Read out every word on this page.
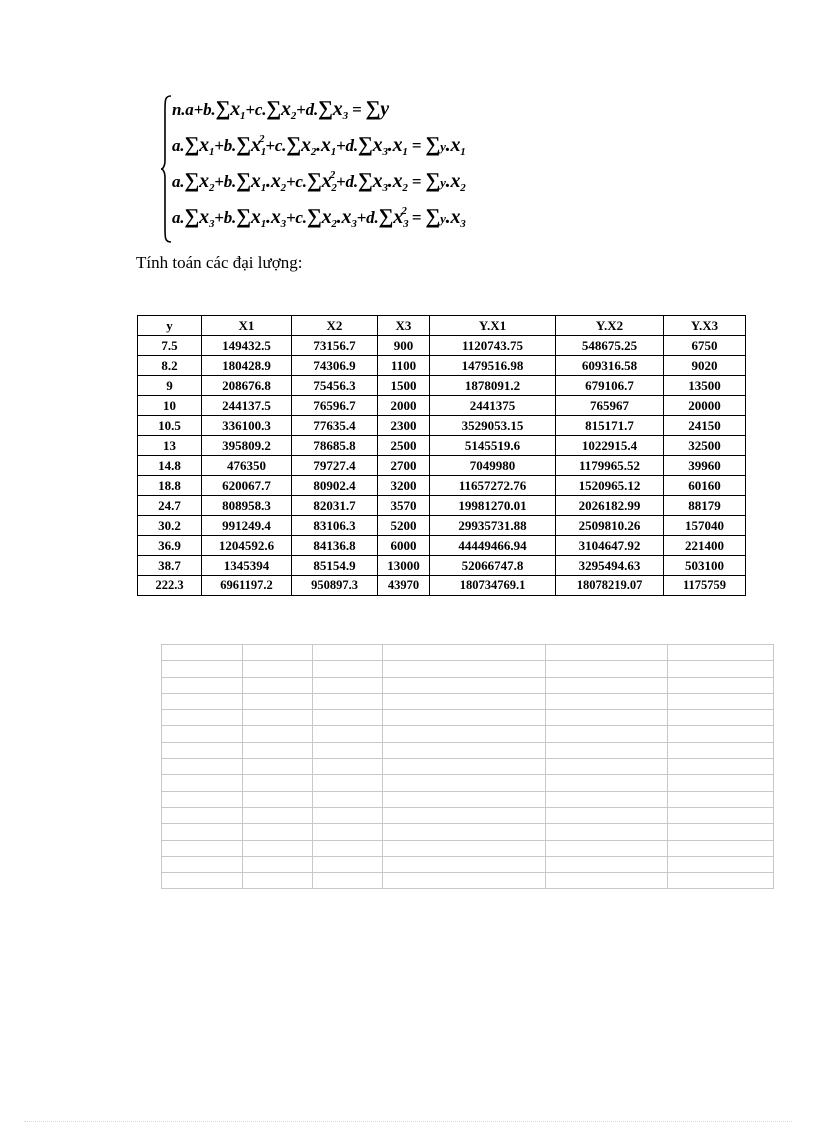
$n.a+b.\sum x_1+c.\sum x_2+d.\sum x_3 = \sum y$
$a.\sum x_1+b.\sum x_1^2+c.\sum x_2.x_1+d.\sum x_3.x_1 = \sum y.x_1$
$a.\sum x_2+b.\sum x_1.x_2+c.\sum x_2^2+d.\sum x_3.x_2 = \sum y.x_2$
$a.\sum x_3+b.\sum x_1.x_3+c.\sum x_2.x_3+d.\sum x_3^2 = \sum y.x_3$

Tính toán các đại lượng:

y	X1	X2	X3	Y.X1	Y.X2	Y.X3
7.5	149432.5	73156.7	900	1120743.75	548675.25	6750
8.2	180428.9	74306.9	1100	1479516.98	609316.58	9020
9	208676.8	75456.3	1500	1878091.2	679106.7	13500
10	244137.5	76596.7	2000	2441375	765967	20000
10.5	336100.3	77635.4	2300	3529053.15	815171.7	24150
13	395809.2	78685.8	2500	5145519.6	1022915.4	32500
14.8	476350	79727.4	2700	7049980	1179965.52	39960
18.8	620067.7	80902.4	3200	11657272.76	1520965.12	60160
24.7	808958.3	82031.7	3570	19981270.01	2026182.99	88179
30.2	991249.4	83106.3	5200	29935731.88	2509810.26	157040
36.9	1204592.6	84136.8	6000	44449466.94	3104647.92	221400
38.7	1345394	85154.9	13000	52066747.8	3295494.63	503100
222.3	6961197.2	950897.3	43970	180734769.1	18078219.07	1175759
